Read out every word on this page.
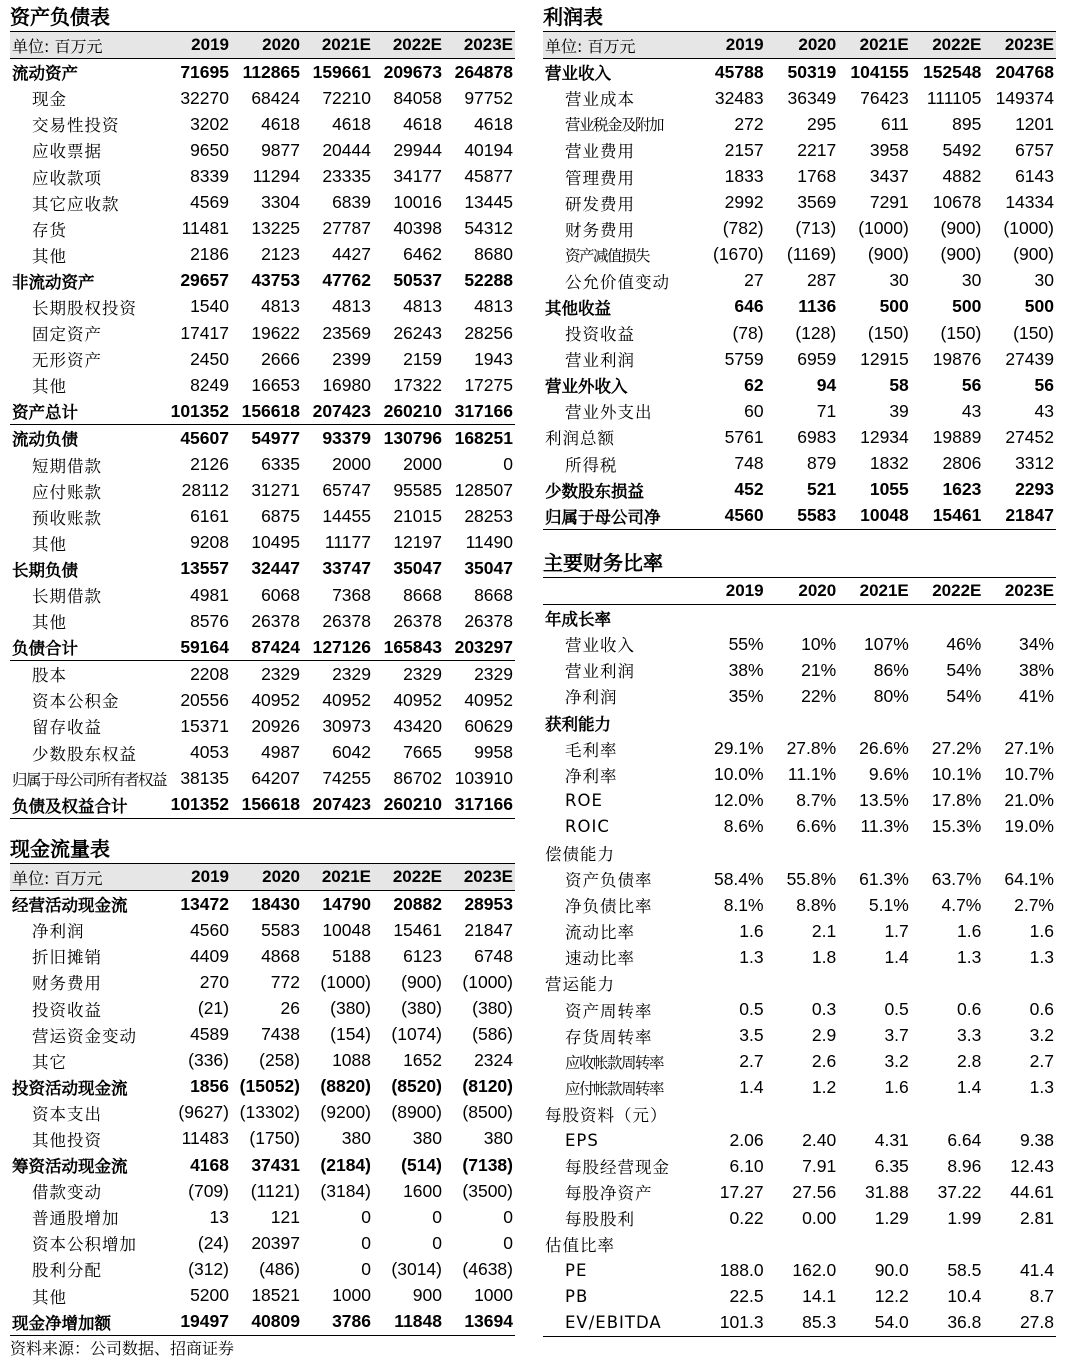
资产负债表
单位: 百万元	2019	2020	2021E	2022E	2023E
流动资产	71695	112865	159661	209673	264878
现金	32270	68424	72210	84058	97752
交易性投资	3202	4618	4618	4618	4618
应收票据	9650	9877	20444	29944	40194
应收款项	8339	11294	23335	34177	45877
其它应收款	4569	3304	6839	10016	13445
存货	11481	13225	27787	40398	54312
其他	2186	2123	4427	6462	8680
非流动资产	29657	43753	47762	50537	52288
长期股权投资	1540	4813	4813	4813	4813
固定资产	17417	19622	23569	26243	28256
无形资产	2450	2666	2399	2159	1943
其他	8249	16653	16980	17322	17275
资产总计	101352	156618	207423	260210	317166
流动负债	45607	54977	93379	130796	168251
短期借款	2126	6335	2000	2000	0
应付账款	28112	31271	65747	95585	128507
预收账款	6161	6875	14455	21015	28253
其他	9208	10495	11177	12197	11490
长期负债	13557	32447	33747	35047	35047
长期借款	4981	6068	7368	8668	8668
其他	8576	26378	26378	26378	26378
负债合计	59164	87424	127126	165843	203297
股本	2208	2329	2329	2329	2329
资本公积金	20556	40952	40952	40952	40952
留存收益	15371	20926	30973	43420	60629
少数股东权益	4053	4987	6042	7665	9958
归属于母公司所有者权益	38135	64207	74255	86702	103910
负债及权益合计	101352	156618	207423	260210	317166
现金流量表
单位: 百万元	2019	2020	2021E	2022E	2023E
经营活动现金流	13472	18430	14790	20882	28953
净利润	4560	5583	10048	15461	21847
折旧摊销	4409	4868	5188	6123	6748
财务费用	270	772	(1000)	(900)	(1000)
投资收益	(21)	26	(380)	(380)	(380)
营运资金变动	4589	7438	(154)	(1074)	(586)
其它	(336)	(258)	1088	1652	2324
投资活动现金流	1856	(15052)	(8820)	(8520)	(8120)
资本支出	(9627)	(13302)	(9200)	(8900)	(8500)
其他投资	11483	(1750)	380	380	380
筹资活动现金流	4168	37431	(2184)	(514)	(7138)
借款变动	(709)	(1121)	(3184)	1600	(3500)
普通股增加	13	121	0	0	0
资本公积增加	(24)	20397	0	0	0
股利分配	(312)	(486)	0	(3014)	(4638)
其他	5200	18521	1000	900	1000
现金净增加额	19497	40809	3786	11848	13694
利润表
单位: 百万元	2019	2020	2021E	2022E	2023E
营业收入	45788	50319	104155	152548	204768
营业成本	32483	36349	76423	111105	149374
营业税金及附加	272	295	611	895	1201
营业费用	2157	2217	3958	5492	6757
管理费用	1833	1768	3437	4882	6143
研发费用	2992	3569	7291	10678	14334
财务费用	(782)	(713)	(1000)	(900)	(1000)
资产减值损失	(1670)	(1169)	(900)	(900)	(900)
公允价值变动	27	287	30	30	30
其他收益	646	1136	500	500	500
投资收益	(78)	(128)	(150)	(150)	(150)
营业利润	5759	6959	12915	19876	27439
营业外收入	62	94	58	56	56
营业外支出	60	71	39	43	43
利润总额	5761	6983	12934	19889	27452
所得税	748	879	1832	2806	3312
少数股东损益	452	521	1055	1623	2293
归属于母公司净	4560	5583	10048	15461	21847
主要财务比率
	2019	2020	2021E	2022E	2023E
年成长率					
营业收入	55%	10%	107%	46%	34%
营业利润	38%	21%	86%	54%	38%
净利润	35%	22%	80%	54%	41%
获利能力					
毛利率	29.1%	27.8%	26.6%	27.2%	27.1%
净利率	10.0%	11.1%	9.6%	10.1%	10.7%
ROE	12.0%	8.7%	13.5%	17.8%	21.0%
ROIC	8.6%	6.6%	11.3%	15.3%	19.0%
偿债能力					
资产负债率	58.4%	55.8%	61.3%	63.7%	64.1%
净负债比率	8.1%	8.8%	5.1%	4.7%	2.7%
流动比率	1.6	2.1	1.7	1.6	1.6
速动比率	1.3	1.8	1.4	1.3	1.3
营运能力					
资产周转率	0.5	0.3	0.5	0.6	0.6
存货周转率	3.5	2.9	3.7	3.3	3.2
应收帐款周转率	2.7	2.6	3.2	2.8	2.7
应付帐款周转率	1.4	1.2	1.6	1.4	1.3
每股资料（元）					
EPS	2.06	2.40	4.31	6.64	9.38
每股经营现金	6.10	7.91	6.35	8.96	12.43
每股净资产	17.27	27.56	31.88	37.22	44.61
每股股利	0.22	0.00	1.29	1.99	2.81
估值比率					
PE	188.0	162.0	90.0	58.5	41.4
PB	22.5	14.1	12.2	10.4	8.7
EV/EBITDA	101.3	85.3	54.0	36.8	27.8
资料来源：公司数据、招商证券
